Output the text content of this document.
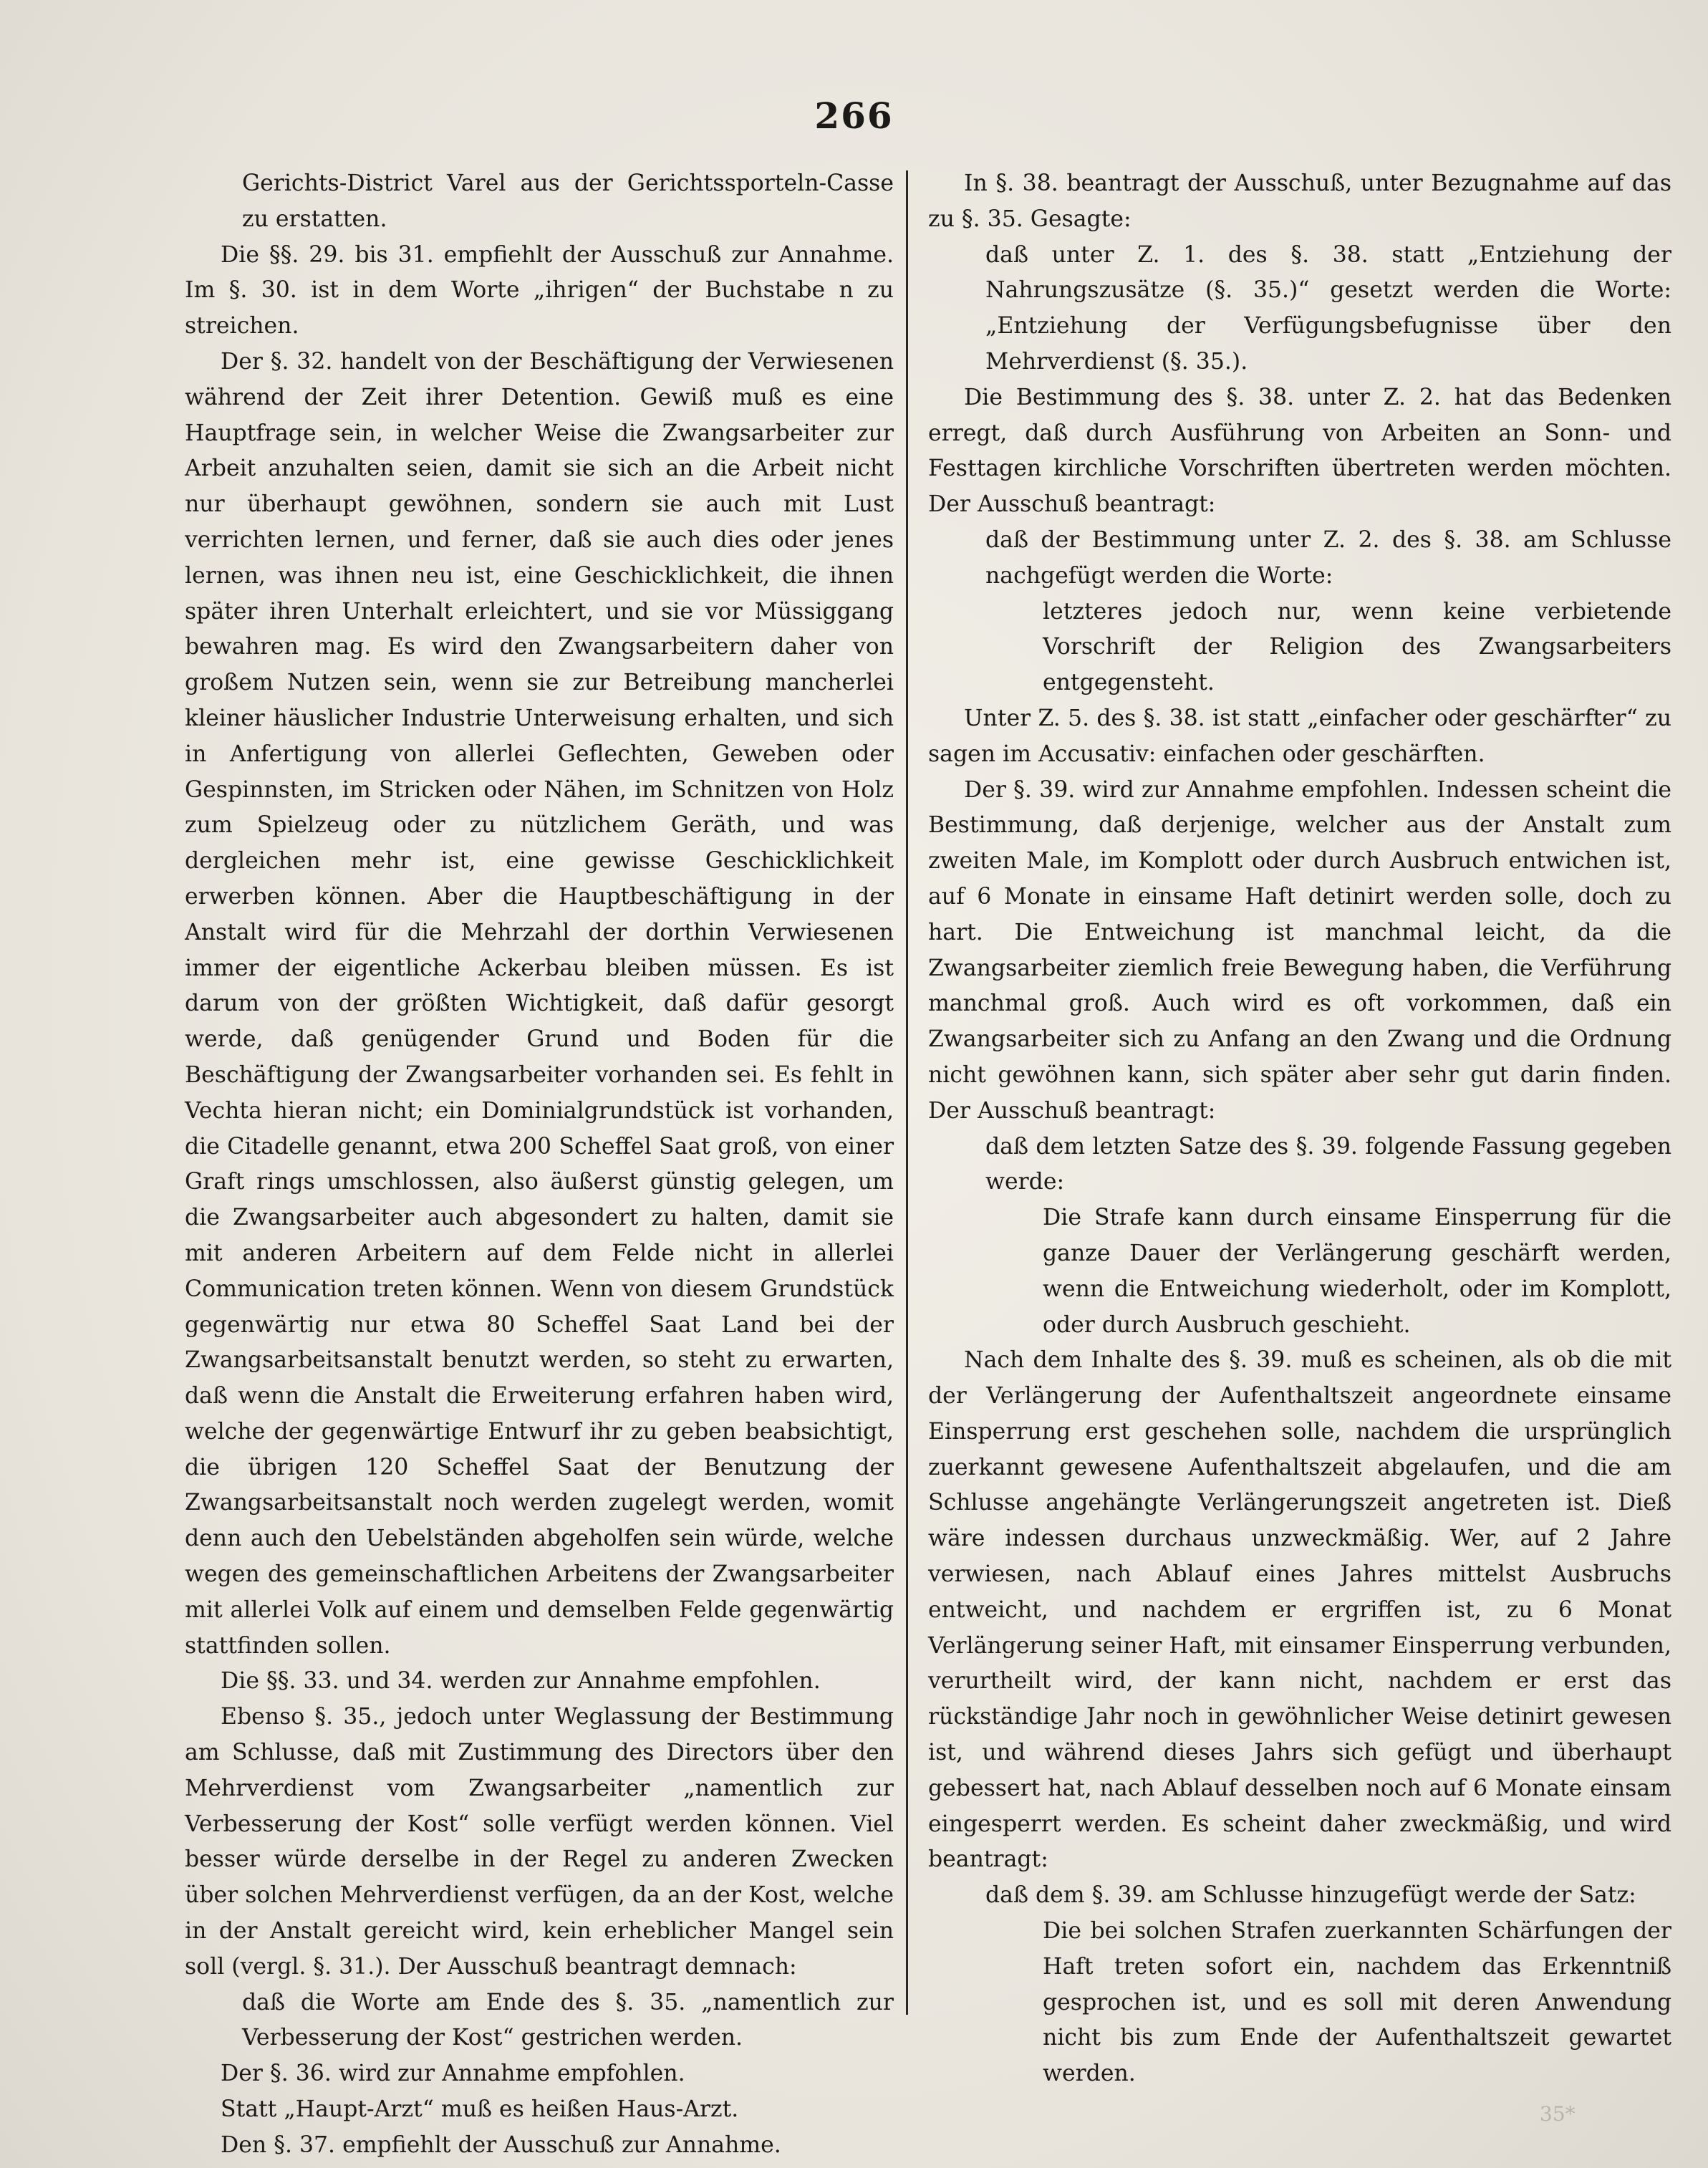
266

Gerichts-District Varel aus der Gerichtssporteln-Casse zu erstatten.

Die §§. 29. bis 31. empfiehlt der Ausschuß zur Annahme. Im §. 30. ist in dem Worte „ihrigen“ der Buchstabe n zu streichen.

Der §. 32. handelt von der Beschäftigung der Verwiesenen während der Zeit ihrer Detention. Gewiß muß es eine Hauptfrage sein, in welcher Weise die Zwangsarbeiter zur Arbeit anzuhalten seien, damit sie sich an die Arbeit nicht nur überhaupt gewöhnen, sondern sie auch mit Lust verrichten lernen, und ferner, daß sie auch dies oder jenes lernen, was ihnen neu ist, eine Geschicklichkeit, die ihnen später ihren Unterhalt erleichtert, und sie vor Müssiggang bewahren mag. Es wird den Zwangsarbeitern daher von großem Nutzen sein, wenn sie zur Betreibung mancherlei kleiner häuslicher Industrie Unterweisung erhalten, und sich in Anfertigung von allerlei Geflechten, Geweben oder Gespinnsten, im Stricken oder Nähen, im Schnitzen von Holz zum Spielzeug oder zu nützlichem Geräth, und was dergleichen mehr ist, eine gewisse Geschicklichkeit erwerben können. Aber die Hauptbeschäftigung in der Anstalt wird für die Mehrzahl der dorthin Verwiesenen immer der eigentliche Ackerbau bleiben müssen. Es ist darum von der größten Wichtigkeit, daß dafür gesorgt werde, daß genügender Grund und Boden für die Beschäftigung der Zwangsarbeiter vorhanden sei. Es fehlt in Vechta hieran nicht; ein Dominialgrundstück ist vorhanden, die Citadelle genannt, etwa 200 Scheffel Saat groß, von einer Graft rings umschlossen, also äußerst günstig gelegen, um die Zwangsarbeiter auch abgesondert zu halten, damit sie mit anderen Arbeitern auf dem Felde nicht in allerlei Communication treten können. Wenn von diesem Grundstück gegenwärtig nur etwa 80 Scheffel Saat Land bei der Zwangsarbeitsanstalt benutzt werden, so steht zu erwarten, daß wenn die Anstalt die Erweiterung erfahren haben wird, welche der gegenwärtige Entwurf ihr zu geben beabsichtigt, die übrigen 120 Scheffel Saat der Benutzung der Zwangsarbeitsanstalt noch werden zugelegt werden, womit denn auch den Uebelständen abgeholfen sein würde, welche wegen des gemeinschaftlichen Arbeitens der Zwangsarbeiter mit allerlei Volk auf einem und demselben Felde gegenwärtig stattfinden sollen.

Die §§. 33. und 34. werden zur Annahme empfohlen.

Ebenso §. 35., jedoch unter Weglassung der Bestimmung am Schlusse, daß mit Zustimmung des Directors über den Mehrverdienst vom Zwangsarbeiter „namentlich zur Verbesserung der Kost“ solle verfügt werden können. Viel besser würde derselbe in der Regel zu anderen Zwecken über solchen Mehrverdienst verfügen, da an der Kost, welche in der Anstalt gereicht wird, kein erheblicher Mangel sein soll (vergl. §. 31.). Der Ausschuß beantragt demnach:

daß die Worte am Ende des §. 35. „namentlich zur Verbesserung der Kost“ gestrichen werden.

Der §. 36. wird zur Annahme empfohlen.

Statt „Haupt-Arzt“ muß es heißen Haus-Arzt.

Den §. 37. empfiehlt der Ausschuß zur Annahme.

In §. 38. beantragt der Ausschuß, unter Bezugnahme auf das zu §. 35. Gesagte:

daß unter Z. 1. des §. 38. statt „Entziehung der Nahrungszusätze (§. 35.)“ gesetzt werden die Worte: „Entziehung der Verfügungsbefugnisse über den Mehrverdienst (§. 35.).

Die Bestimmung des §. 38. unter Z. 2. hat das Bedenken erregt, daß durch Ausführung von Arbeiten an Sonn- und Festtagen kirchliche Vorschriften übertreten werden möchten. Der Ausschuß beantragt:

daß der Bestimmung unter Z. 2. des §. 38. am Schlusse nachgefügt werden die Worte:

letzteres jedoch nur, wenn keine verbietende Vorschrift der Religion des Zwangsarbeiters entgegensteht.

Unter Z. 5. des §. 38. ist statt „einfacher oder geschärfter“ zu sagen im Accusativ: einfachen oder geschärften.

Der §. 39. wird zur Annahme empfohlen. Indessen scheint die Bestimmung, daß derjenige, welcher aus der Anstalt zum zweiten Male, im Komplott oder durch Ausbruch entwichen ist, auf 6 Monate in einsame Haft detinirt werden solle, doch zu hart. Die Entweichung ist manchmal leicht, da die Zwangsarbeiter ziemlich freie Bewegung haben, die Verführung manchmal groß. Auch wird es oft vorkommen, daß ein Zwangsarbeiter sich zu Anfang an den Zwang und die Ordnung nicht gewöhnen kann, sich später aber sehr gut darin finden. Der Ausschuß beantragt:

daß dem letzten Satze des §. 39. folgende Fassung gegeben werde:

Die Strafe kann durch einsame Einsperrung für die ganze Dauer der Verlängerung geschärft werden, wenn die Entweichung wiederholt, oder im Komplott, oder durch Ausbruch geschieht.

Nach dem Inhalte des §. 39. muß es scheinen, als ob die mit der Verlängerung der Aufenthaltszeit angeordnete einsame Einsperrung erst geschehen solle, nachdem die ursprünglich zuerkannt gewesene Aufenthaltszeit abgelaufen, und die am Schlusse angehängte Verlängerungszeit angetreten ist. Dieß wäre indessen durchaus unzweckmäßig. Wer, auf 2 Jahre verwiesen, nach Ablauf eines Jahres mittelst Ausbruchs entweicht, und nachdem er ergriffen ist, zu 6 Monat Verlängerung seiner Haft, mit einsamer Einsperrung verbunden, verurtheilt wird, der kann nicht, nachdem er erst das rückständige Jahr noch in gewöhnlicher Weise detinirt gewesen ist, und während dieses Jahrs sich gefügt und überhaupt gebessert hat, nach Ablauf desselben noch auf 6 Monate einsam eingesperrt werden. Es scheint daher zweckmäßig, und wird beantragt:

daß dem §. 39. am Schlusse hinzugefügt werde der Satz:

Die bei solchen Strafen zuerkannten Schärfungen der Haft treten sofort ein, nachdem das Erkenntniß gesprochen ist, und es soll mit deren Anwendung nicht bis zum Ende der Aufenthaltszeit gewartet werden.

35*
